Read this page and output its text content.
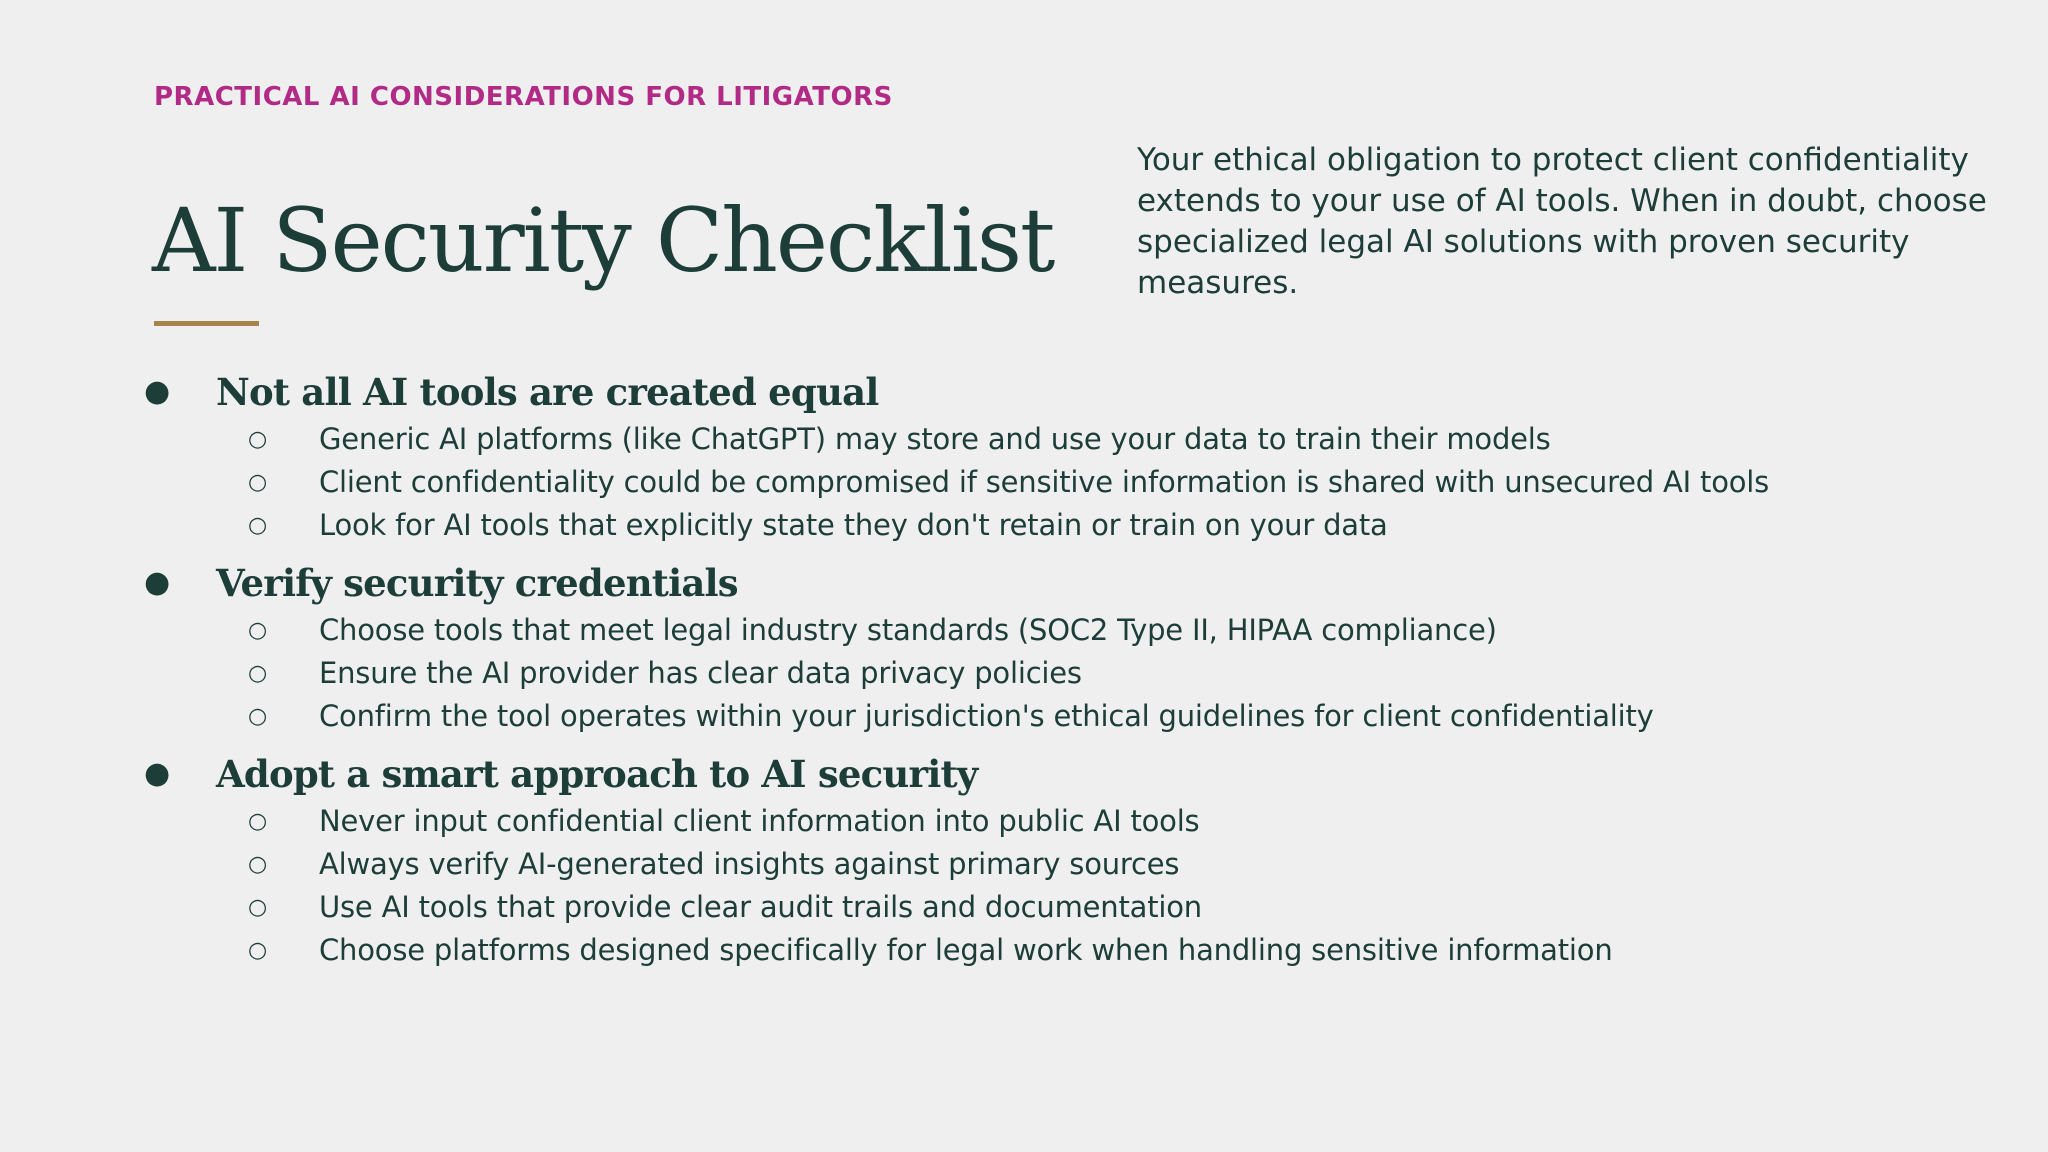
PRACTICAL AI CONSIDERATIONS FOR LITIGATORS
AI Security Checklist

Your ethical obligation to protect client confidentiality extends to your use of AI tools. When in doubt, choose specialized legal AI solutions with proven security measures.

● Not all AI tools are created equal
○ Generic AI platforms (like ChatGPT) may store and use your data to train their models
○ Client confidentiality could be compromised if sensitive information is shared with unsecured AI tools
○ Look for AI tools that explicitly state they don't retain or train on your data
● Verify security credentials
○ Choose tools that meet legal industry standards (SOC2 Type II, HIPAA compliance)
○ Ensure the AI provider has clear data privacy policies
○ Confirm the tool operates within your jurisdiction's ethical guidelines for client confidentiality
● Adopt a smart approach to AI security
○ Never input confidential client information into public AI tools
○ Always verify AI-generated insights against primary sources
○ Use AI tools that provide clear audit trails and documentation
○ Choose platforms designed specifically for legal work when handling sensitive information
